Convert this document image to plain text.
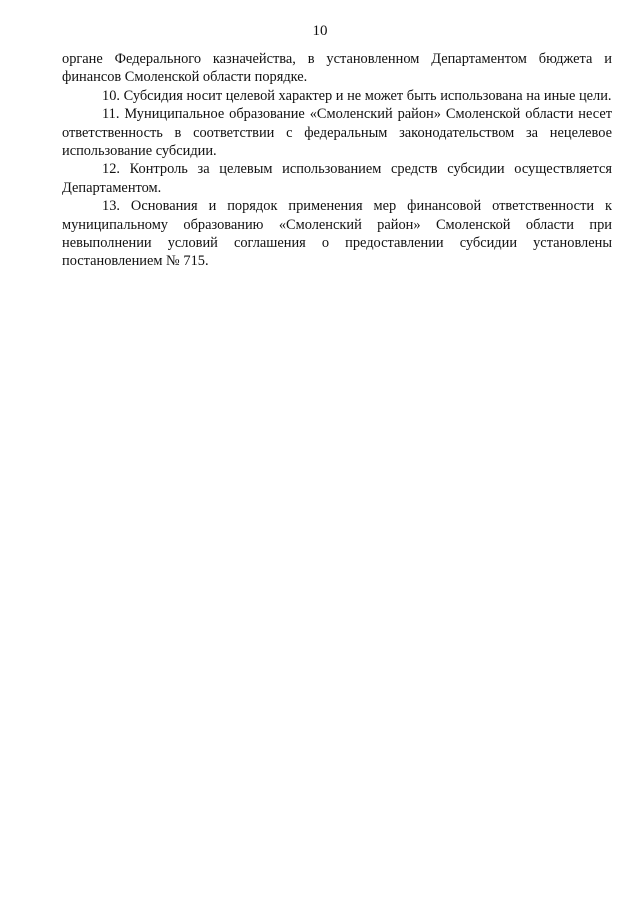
10

органе Федерального казначейства, в установленном Департаментом бюджета и финансов Смоленской области порядке.

10. Субсидия носит целевой характер и не может быть использована на иные цели.

11. Муниципальное образование «Смоленский район» Смоленской области несет ответственность в соответствии с федеральным законодательством за нецелевое использование субсидии.

12. Контроль за целевым использованием средств субсидии осуществляется Департаментом.

13. Основания и порядок применения мер финансовой ответственности к муниципальному образованию «Смоленский район» Смоленской области при невыполнении условий соглашения о предоставлении субсидии установлены постановлением № 715.
